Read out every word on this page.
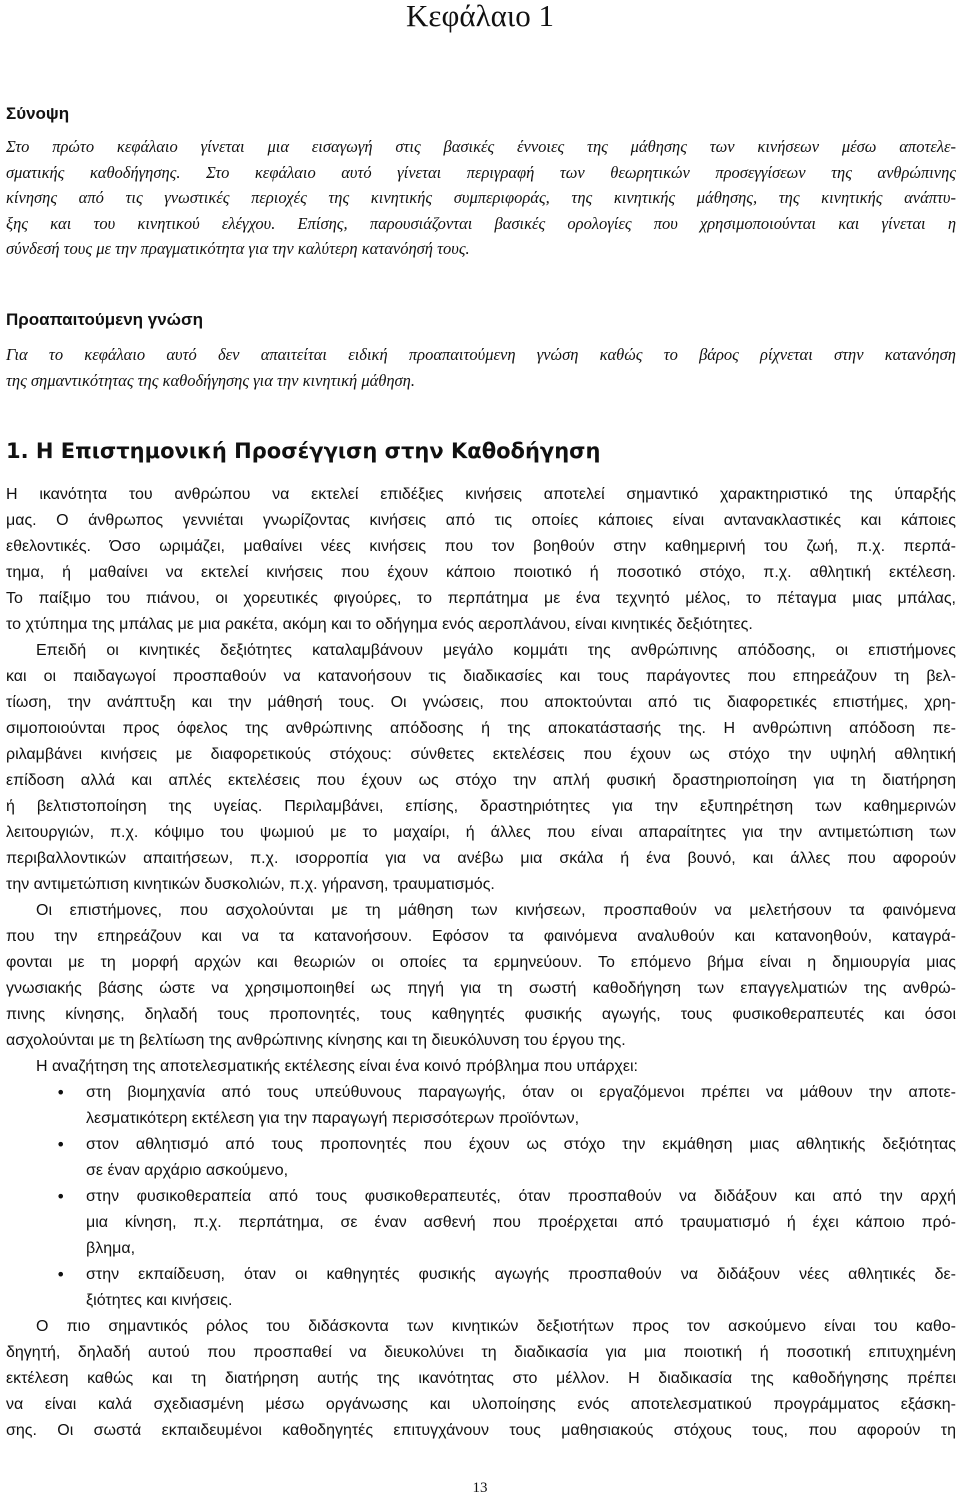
Κεφάλαιο 1
Σύνοψη
Στο πρώτο κεφάλαιο γίνεται μια εισαγωγή στις βασικές έννοιες της μάθησης των κινήσεων μέσω αποτελε-
σματικής καθοδήγησης. Στο κεφάλαιο αυτό γίνεται περιγραφή των θεωρητικών προσεγγίσεων της ανθρώπινης
κίνησης από τις γνωστικές περιοχές της κινητικής συμπεριφοράς, της κινητικής μάθησης, της κινητικής ανάπτυ-
ξης και του κινητικού ελέγχου. Επίσης, παρουσιάζονται βασικές ορολογίες που χρησιμοποιούνται και γίνεται η
σύνδεσή τους με την πραγματικότητα για την καλύτερη κατανόησή τους.
Προαπαιτούμενη γνώση
Για το κεφάλαιο αυτό δεν απαιτείται ειδική προαπαιτούμενη γνώση καθώς το βάρος ρίχνεται στην κατανόηση
της σημαντικότητας της καθοδήγησης για την κινητική μάθηση.
1. Η Επιστημονική Προσέγγιση στην Καθοδήγηση
Η ικανότητα του ανθρώπου να εκτελεί επιδέξιες κινήσεις αποτελεί σημαντικό χαρακτηριστικό της ύπαρξής
μας. Ο άνθρωπος γεννιέται γνωρίζοντας κινήσεις από τις οποίες κάποιες είναι αντανακλαστικές και κάποιες
εθελοντικές. Όσο ωριμάζει, μαθαίνει νέες κινήσεις που τον βοηθούν στην καθημερινή του ζωή, π.χ. περπά-
τημα, ή μαθαίνει να εκτελεί κινήσεις που έχουν κάποιο ποιοτικό ή ποσοτικό στόχο, π.χ. αθλητική εκτέλεση.
Το παίξιμο του πιάνου, οι χορευτικές φιγούρες, το περπάτημα με ένα τεχνητό μέλος, το πέταγμα μιας μπάλας,
το χτύπημα της μπάλας με μια ρακέτα, ακόμη και το οδήγημα ενός αεροπλάνου, είναι κινητικές δεξιότητες.
Επειδή οι κινητικές δεξιότητες καταλαμβάνουν μεγάλο κομμάτι της ανθρώπινης απόδοσης, οι επιστήμονες
και οι παιδαγωγοί προσπαθούν να κατανοήσουν τις διαδικασίες και τους παράγοντες που επηρεάζουν τη βελ-
τίωση, την ανάπτυξη και την μάθησή τους. Οι γνώσεις, που αποκτούνται από τις διαφορετικές επιστήμες, χρη-
σιμοποιούνται προς όφελος της ανθρώπινης απόδοσης ή της αποκατάστασής της. Η ανθρώπινη απόδοση πε-
ριλαμβάνει κινήσεις με διαφορετικούς στόχους: σύνθετες εκτελέσεις που έχουν ως στόχο την υψηλή αθλητική
επίδοση αλλά και απλές εκτελέσεις που έχουν ως στόχο την απλή φυσική δραστηριοποίηση για τη διατήρηση
ή βελτιστοποίηση της υγείας. Περιλαμβάνει, επίσης, δραστηριότητες για την εξυπηρέτηση των καθημερινών
λειτουργιών, π.χ. κόψιμο του ψωμιού με το μαχαίρι, ή άλλες που είναι απαραίτητες για την αντιμετώπιση των
περιβαλλοντικών απαιτήσεων, π.χ. ισορροπία για να ανέβω μια σκάλα ή ένα βουνό, και άλλες που αφορούν
την αντιμετώπιση κινητικών δυσκολιών, π.χ. γήρανση, τραυματισμός.
Οι επιστήμονες, που ασχολούνται με τη μάθηση των κινήσεων, προσπαθούν να μελετήσουν τα φαινόμενα
που την επηρεάζουν και να τα κατανοήσουν. Εφόσον τα φαινόμενα αναλυθούν και κατανοηθούν, καταγρά-
φονται με τη μορφή αρχών και θεωριών οι οποίες τα ερμηνεύουν. Το επόμενο βήμα είναι η δημιουργία μιας
γνωσιακής βάσης ώστε να χρησιμοποιηθεί ως πηγή για τη σωστή καθοδήγηση των επαγγελματιών της ανθρώ-
πινης κίνησης, δηλαδή τους προπονητές, τους καθηγητές φυσικής αγωγής, τους φυσικοθεραπευτές και όσοι
ασχολούνται με τη βελτίωση της ανθρώπινης κίνησης και τη διευκόλυνση του έργου της.
Η αναζήτηση της αποτελεσματικής εκτέλεσης είναι ένα κοινό πρόβλημα που υπάρχει:
• στη βιομηχανία από τους υπεύθυνους παραγωγής, όταν οι εργαζόμενοι πρέπει να μάθουν την αποτε-
λεσματικότερη εκτέλεση για την παραγωγή περισσότερων προϊόντων,
• στον αθλητισμό από τους προπονητές που έχουν ως στόχο την εκμάθηση μιας αθλητικής δεξιότητας
σε έναν αρχάριο ασκούμενο,
• στην φυσικοθεραπεία από τους φυσικοθεραπευτές, όταν προσπαθούν να διδάξουν και από την αρχή
μια κίνηση, π.χ. περπάτημα, σε έναν ασθενή που προέρχεται από τραυματισμό ή έχει κάποιο πρό-
βλημα,
• στην εκπαίδευση, όταν οι καθηγητές φυσικής αγωγής προσπαθούν να διδάξουν νέες αθλητικές δε-
ξιότητες και κινήσεις.
Ο πιο σημαντικός ρόλος του διδάσκοντα των κινητικών δεξιοτήτων προς τον ασκούμενο είναι του καθο-
δηγητή, δηλαδή αυτού που προσπαθεί να διευκολύνει τη διαδικασία για μια ποιοτική ή ποσοτική επιτυχημένη
εκτέλεση καθώς και τη διατήρηση αυτής της ικανότητας στο μέλλον. Η διαδικασία της καθοδήγησης πρέπει
να είναι καλά σχεδιασμένη μέσω οργάνωσης και υλοποίησης ενός αποτελεσματικού προγράμματος εξάσκη-
σης. Οι σωστά εκπαιδευμένοι καθοδηγητές επιτυγχάνουν τους μαθησιακούς στόχους τους, που αφορούν τη
13
